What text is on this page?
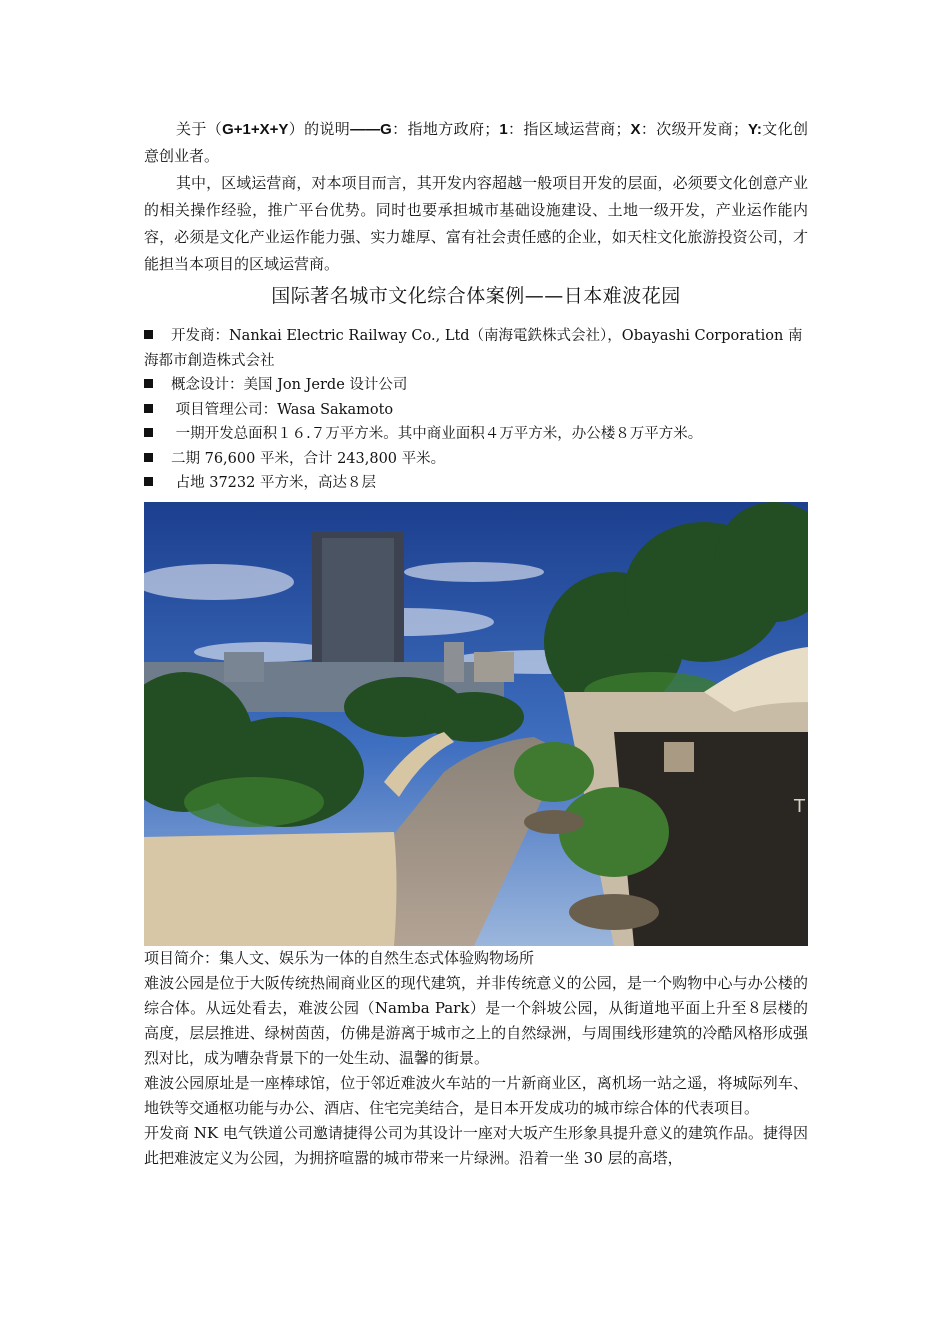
关于（G+1+X+Y）的说明——G：指地方政府；1：指区域运营商；X：次级开发商；Y:文化创意创业者。

其中，区域运营商，对本项目而言，其开发内容超越一般项目开发的层面，必须要文化创意产业的相关操作经验，推广平台优势。同时也要承担城市基础设施建设、土地一级开发，产业运作能内容，必须是文化产业运作能力强、实力雄厚、富有社会责任感的企业，如天柱文化旅游投资公司，才能担当本项目的区域运营商。

国际著名城市文化综合体案例——日本难波花园
开发商：Nankai Electric Railway Co., Ltd（南海電鉄株式会社），Obayashi Corporation 南海都市創造株式会社
概念设计：美国 Jon Jerde 设计公司
项目管理公司：Wasa Sakamoto
一期开发总面积１６.７万平方米。其中商业面积４万平方米，办公楼８万平方米。
二期 76,600 平米，合计 243,800 平米。
占地 37232 平方米，高达８层
T

项目简介：集人文、娱乐为一体的自然生态式体验购物场所

难波公园是位于大阪传统热闹商业区的现代建筑，并非传统意义的公园，是一个购物中心与办公楼的综合体。从远处看去，难波公园（Namba Park）是一个斜坡公园，从街道地平面上升至８层楼的高度，层层推进、绿树茵茵，仿佛是游离于城市之上的自然绿洲，与周围线形建筑的冷酷风格形成强烈对比，成为嘈杂背景下的一处生动、温馨的街景。

难波公园原址是一座棒球馆，位于邻近难波火车站的一片新商业区，离机场一站之遥，将城际列车、地铁等交通枢功能与办公、酒店、住宅完美结合，是日本开发成功的城市综合体的代表项目。

开发商 NK 电气铁道公司邀请捷得公司为其设计一座对大坂产生形象具提升意义的建筑作品。捷得因此把难波定义为公园，为拥挤喧嚣的城市带来一片绿洲。沿着一坐 30 层的高塔，
